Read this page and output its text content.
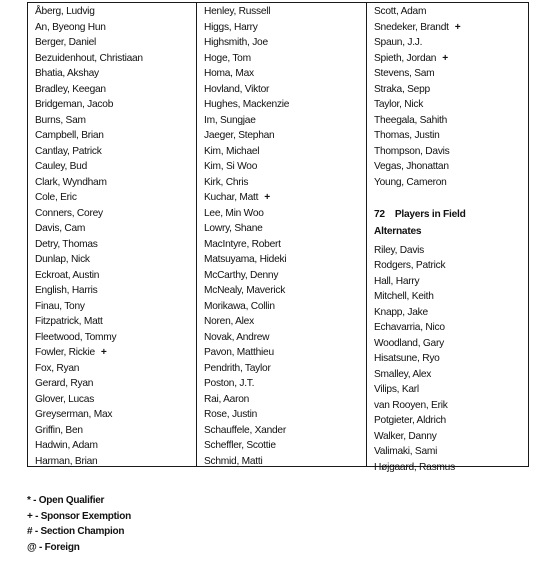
Åberg, Ludvig
An, Byeong Hun
Berger, Daniel
Bezuidenhout, Christiaan
Bhatia, Akshay
Bradley, Keegan
Bridgeman, Jacob
Burns, Sam
Campbell, Brian
Cantlay, Patrick
Cauley, Bud
Clark, Wyndham
Cole, Eric
Conners, Corey
Davis, Cam
Detry, Thomas
Dunlap, Nick
Eckroat, Austin
English, Harris
Finau, Tony
Fitzpatrick, Matt
Fleetwood, Tommy
Fowler, Rickie +
Fox, Ryan
Gerard, Ryan
Glover, Lucas
Greyserman, Max
Griffin, Ben
Hadwin, Adam
Harman, Brian
Henley, Russell
Higgs, Harry
Highsmith, Joe
Hoge, Tom
Homa, Max
Hovland, Viktor
Hughes, Mackenzie
Im, Sungjae
Jaeger, Stephan
Kim, Michael
Kim, Si Woo
Kirk, Chris
Kuchar, Matt +
Lee, Min Woo
Lowry, Shane
MacIntyre, Robert
Matsuyama, Hideki
McCarthy, Denny
McNealy, Maverick
Morikawa, Collin
Noren, Alex
Novak, Andrew
Pavon, Matthieu
Pendrith, Taylor
Poston, J.T.
Rai, Aaron
Rose, Justin
Schauffele, Xander
Scheffler, Scottie
Schmid, Matti
Scott, Adam
Snedeker, Brandt +
Spaun, J.J.
Spieth, Jordan +
Stevens, Sam
Straka, Sepp
Taylor, Nick
Theegala, Sahith
Thomas, Justin
Thompson, Davis
Vegas, Jhonattan
Young, Cameron
72 Players in Field
Alternates
Riley, Davis
Rodgers, Patrick
Hall, Harry
Mitchell, Keith
Knapp, Jake
Echavarria, Nico
Woodland, Gary
Hisatsune, Ryo
Smalley, Alex
Vilips, Karl
van Rooyen, Erik
Potgieter, Aldrich
Walker, Danny
Valimaki, Sami
Højgaard, Rasmus
* - Open Qualifier
+ - Sponsor Exemption
# - Section Champion
@ - Foreign
